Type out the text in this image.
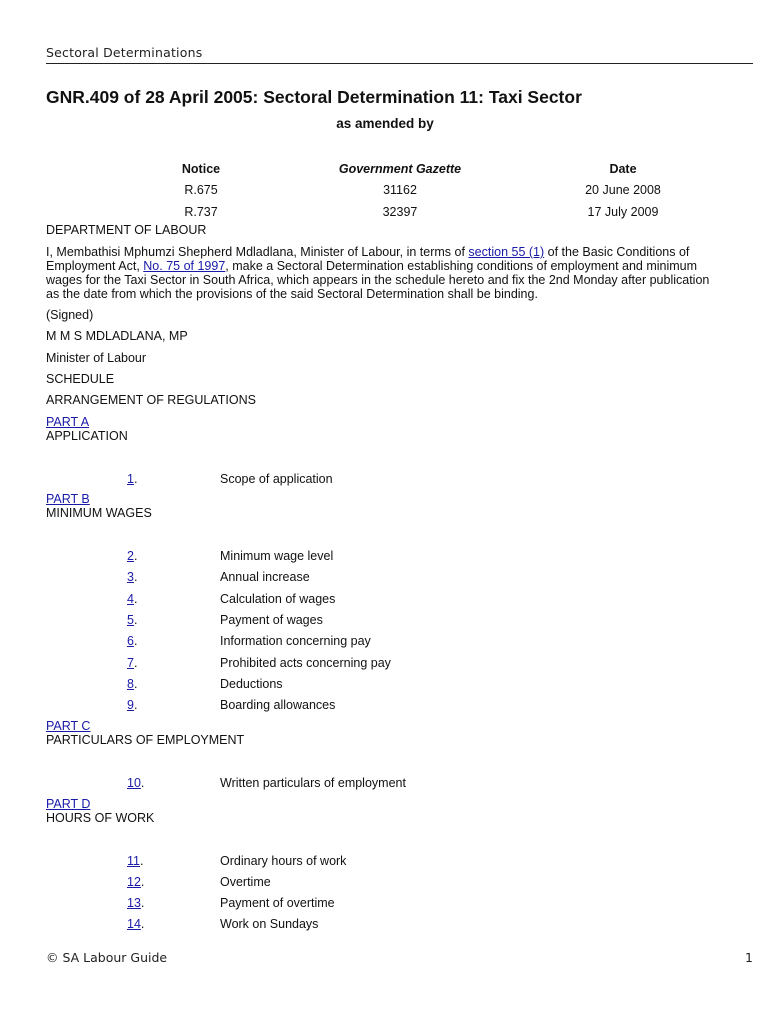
Sectoral Determinations
GNR.409 of 28 April 2005: Sectoral Determination 11: Taxi Sector
as amended by
Notice	Government Gazette	Date
R.675	31162	20 June 2008
R.737	32397	17 July 2009
DEPARTMENT OF LABOUR
I, Membathisi Mphumzi Shepherd Mdladlana, Minister of Labour, in terms of section 55 (1) of the Basic Conditions of Employment Act, No. 75 of 1997, make a Sectoral Determination establishing conditions of employment and minimum wages for the Taxi Sector in South Africa, which appears in the schedule hereto and fix the 2nd Monday after publication as the date from which the provisions of the said Sectoral Determination shall be binding.
(Signed)
M M S MDLADLANA, MP
Minister of Labour
SCHEDULE
ARRANGEMENT OF REGULATIONS
PART A
APPLICATION
1.	Scope of application
PART B
MINIMUM WAGES
2.	Minimum wage level
3.	Annual increase
4.	Calculation of wages
5.	Payment of wages
6.	Information concerning pay
7.	Prohibited acts concerning pay
8.	Deductions
9.	Boarding allowances
PART C
PARTICULARS OF EMPLOYMENT
10.	Written particulars of employment
PART D
HOURS OF WORK
11.	Ordinary hours of work
12.	Overtime
13.	Payment of overtime
14.	Work on Sundays
© SA Labour Guide	1
